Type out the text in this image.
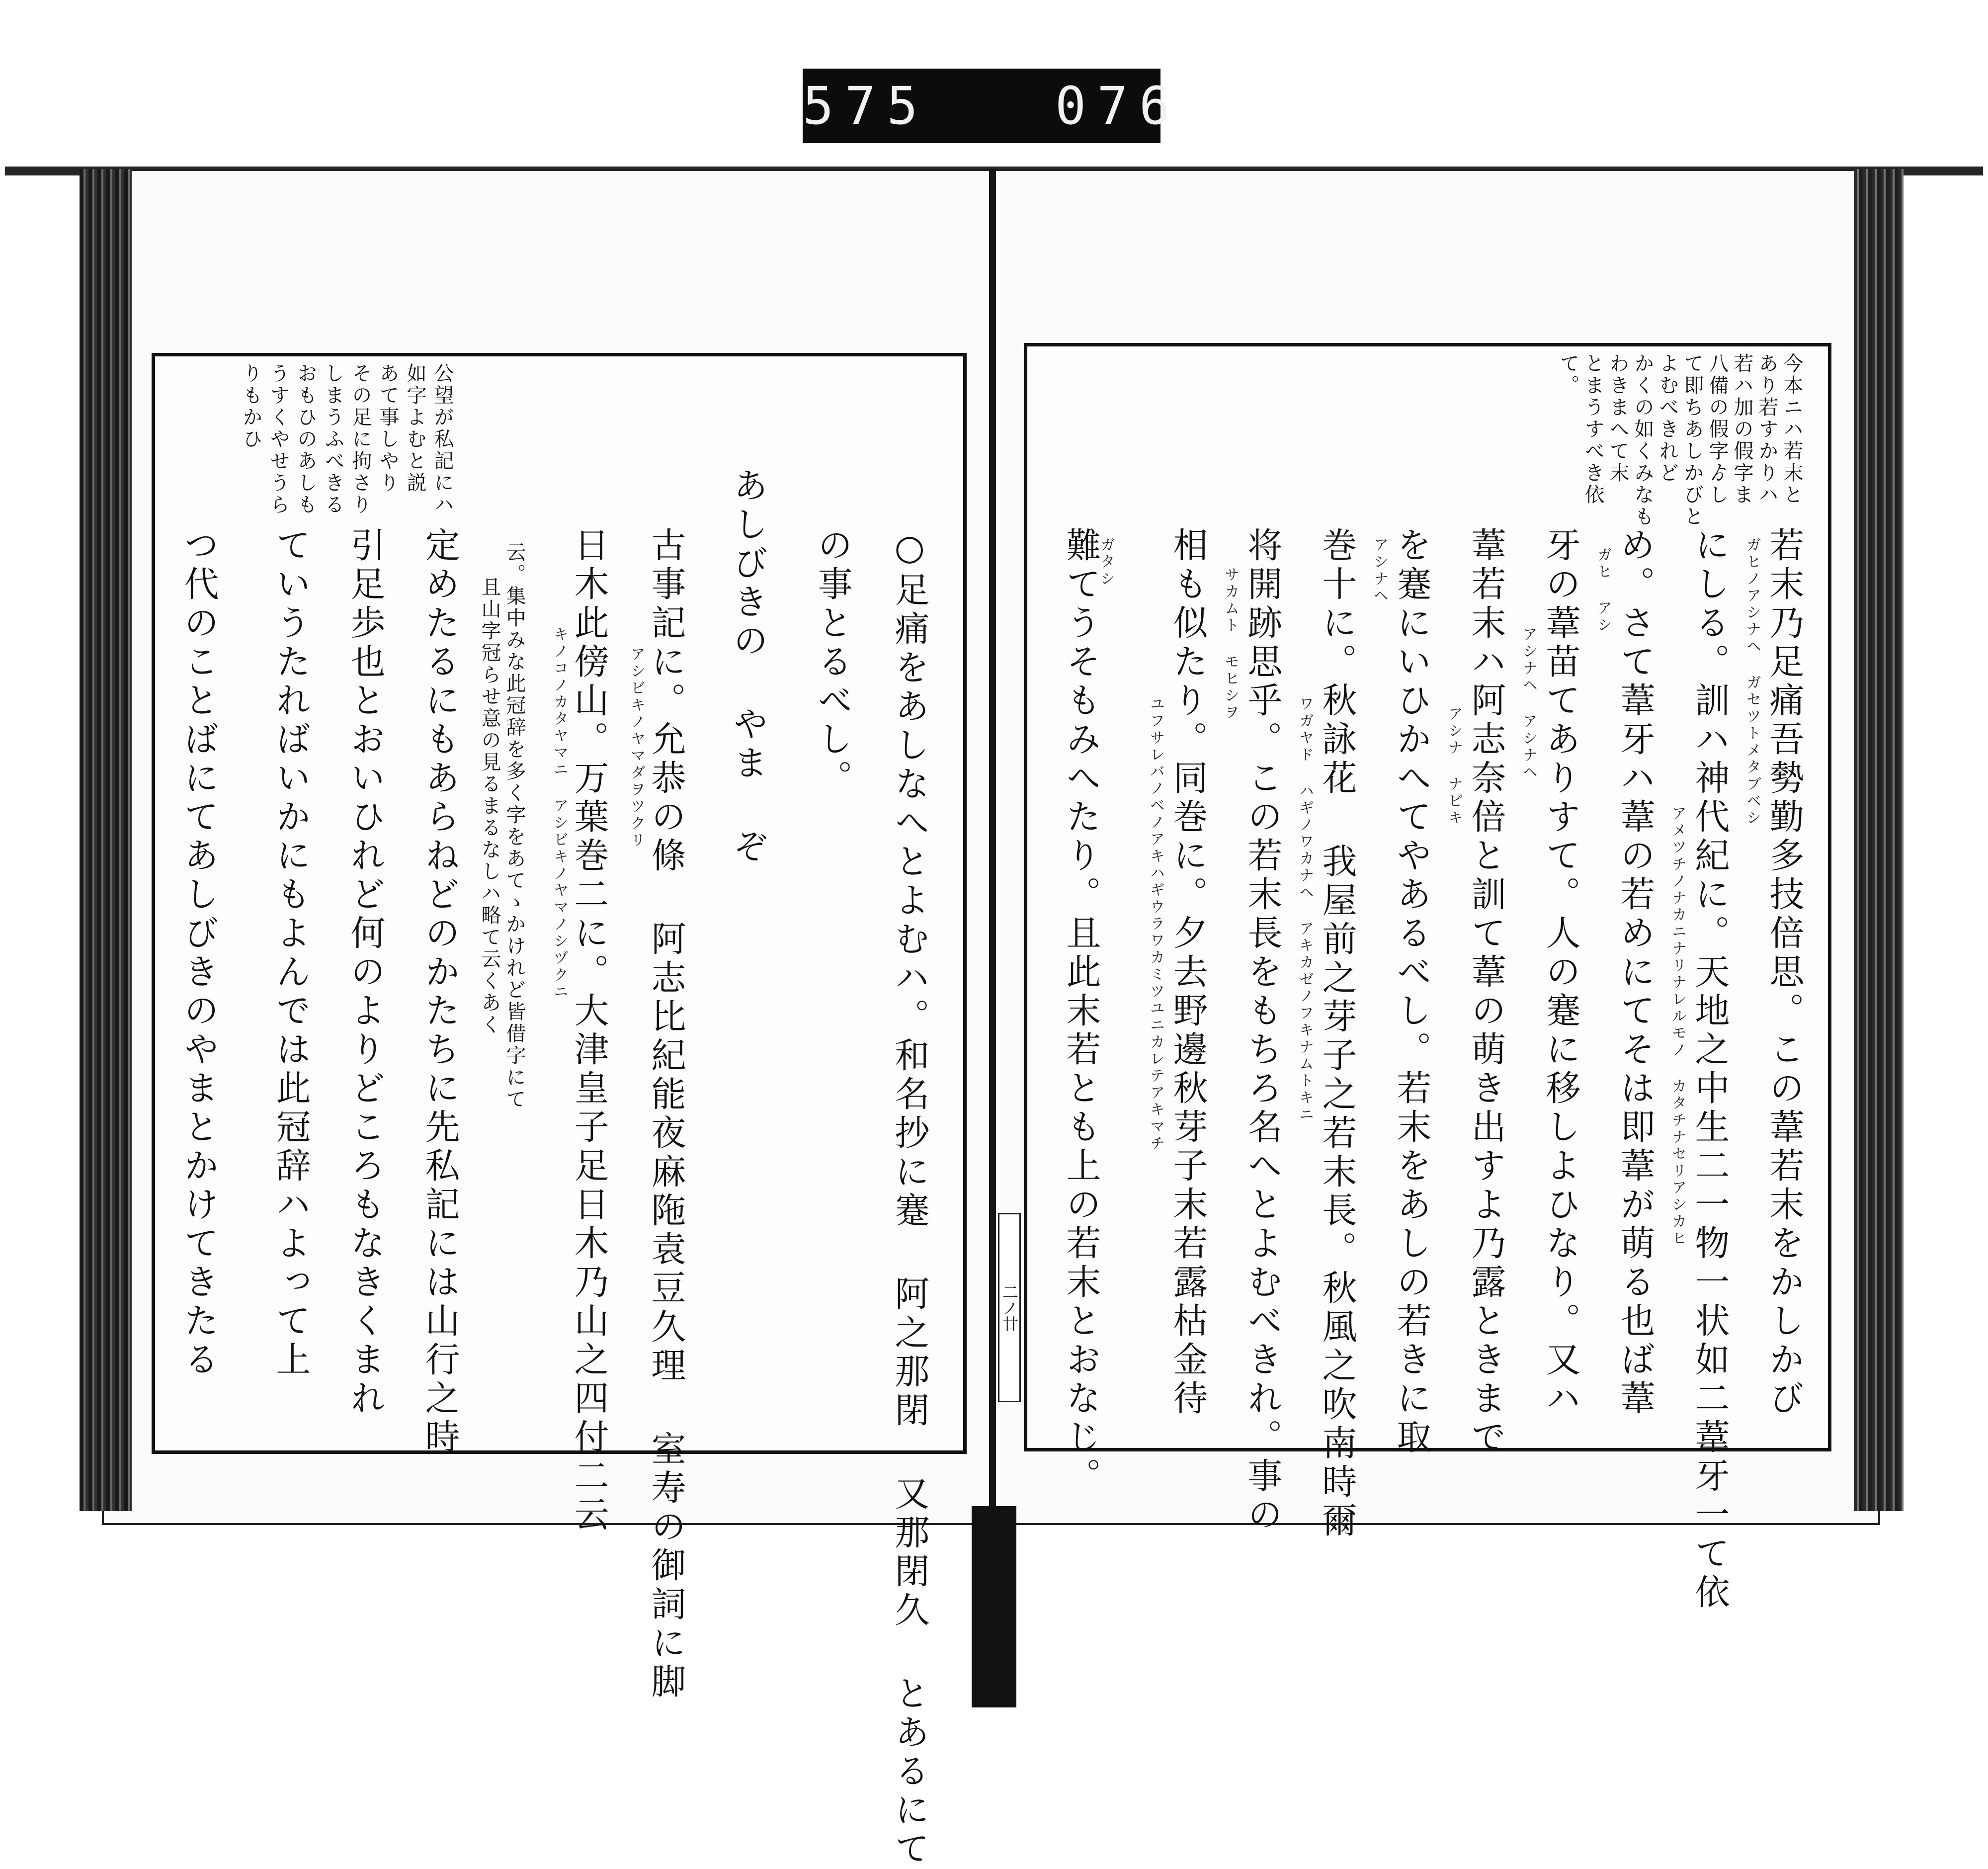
575 076
二ノ廿
今本ニハ若末と
あり若すかりハ
若ハ加の假字ま
八備の假字ゟし
て即ちあしかびと
よむべきれど
かくの如くみなも
わきまへて末
とまうすべき依
て。
若末乃足痛吾勢勤多技倍思。この葦若末をかしかび
にしる。訓ハ神代紀に。天地之中生二一物一状如二葦牙一て依
め。さて葦牙ハ葦の若めにてそは即葦が萌る也ば葦
牙の葦苗てありすて。人の蹇に移しよひなり。又ハ
葦若末ハ阿志奈倍と訓て葦の萌き出すよ乃露ときまで
を蹇にいひかへてやあるべし。若末をあしの若きに取
巻十に。秋詠花 我屋前之芽子之若末長。秋風之吹南時爾
将開跡思乎。この若末長をもちろ名へとよむべきれ。事の
相も似たり。同巻に。夕去野邊秋芽子末若露枯金待
難てうそもみへたり。且此末若とも上の若末とおなじ。	ガヒノアシナヘ ガセツトメタブベシ
アメツチノナカニナリナレルモノ カタチナセリアシカヒ
ガヒ アシ
アシナヘ アシナヘ
アシナ ナビキ
アシナヘ
ワガヤド ハギノワカナヘ アキカゼノフキナムトキニ
サカムト モヒシヲ
ユフサレバノベノアキハギウラワカミツユニカレテアキマチ
ガタシ
公望が私記にハ
如字よむと説
あて事しやり
その足に拘さり
しまうふべきる
おもひのあしも
うすくやせうら
りもかひ
○足痛をあしなへとよむハ。和名抄に蹇 阿之那閉 又那閉久 とあるにて
の事とるべし。
あしびきの やま ぞ
古事記に。允恭の條 阿志比紀能夜麻陁袁豆久理 室寿の御詞に脚
日木此傍山。万葉巻二に。大津皇子足日木乃山之四付二云
云。集中みな此冠辞を多く字をあてゝかけれど皆借字にて
且山字冠らせ意の見るまるなしハ略て云くあく
定めたるにもあらねどのかたちに先私記には山行之時
引足歩也とおいひれど何のよりどころもなきくまれ
ていうたればいかにもよんでは此冠辞ハよって上
つ代のことばにてあしびきのやまとかけてきたる	アシビキノヤマダヲツクリ
キノコノカタヤマニ アシビキノヤマノシヅクニ
